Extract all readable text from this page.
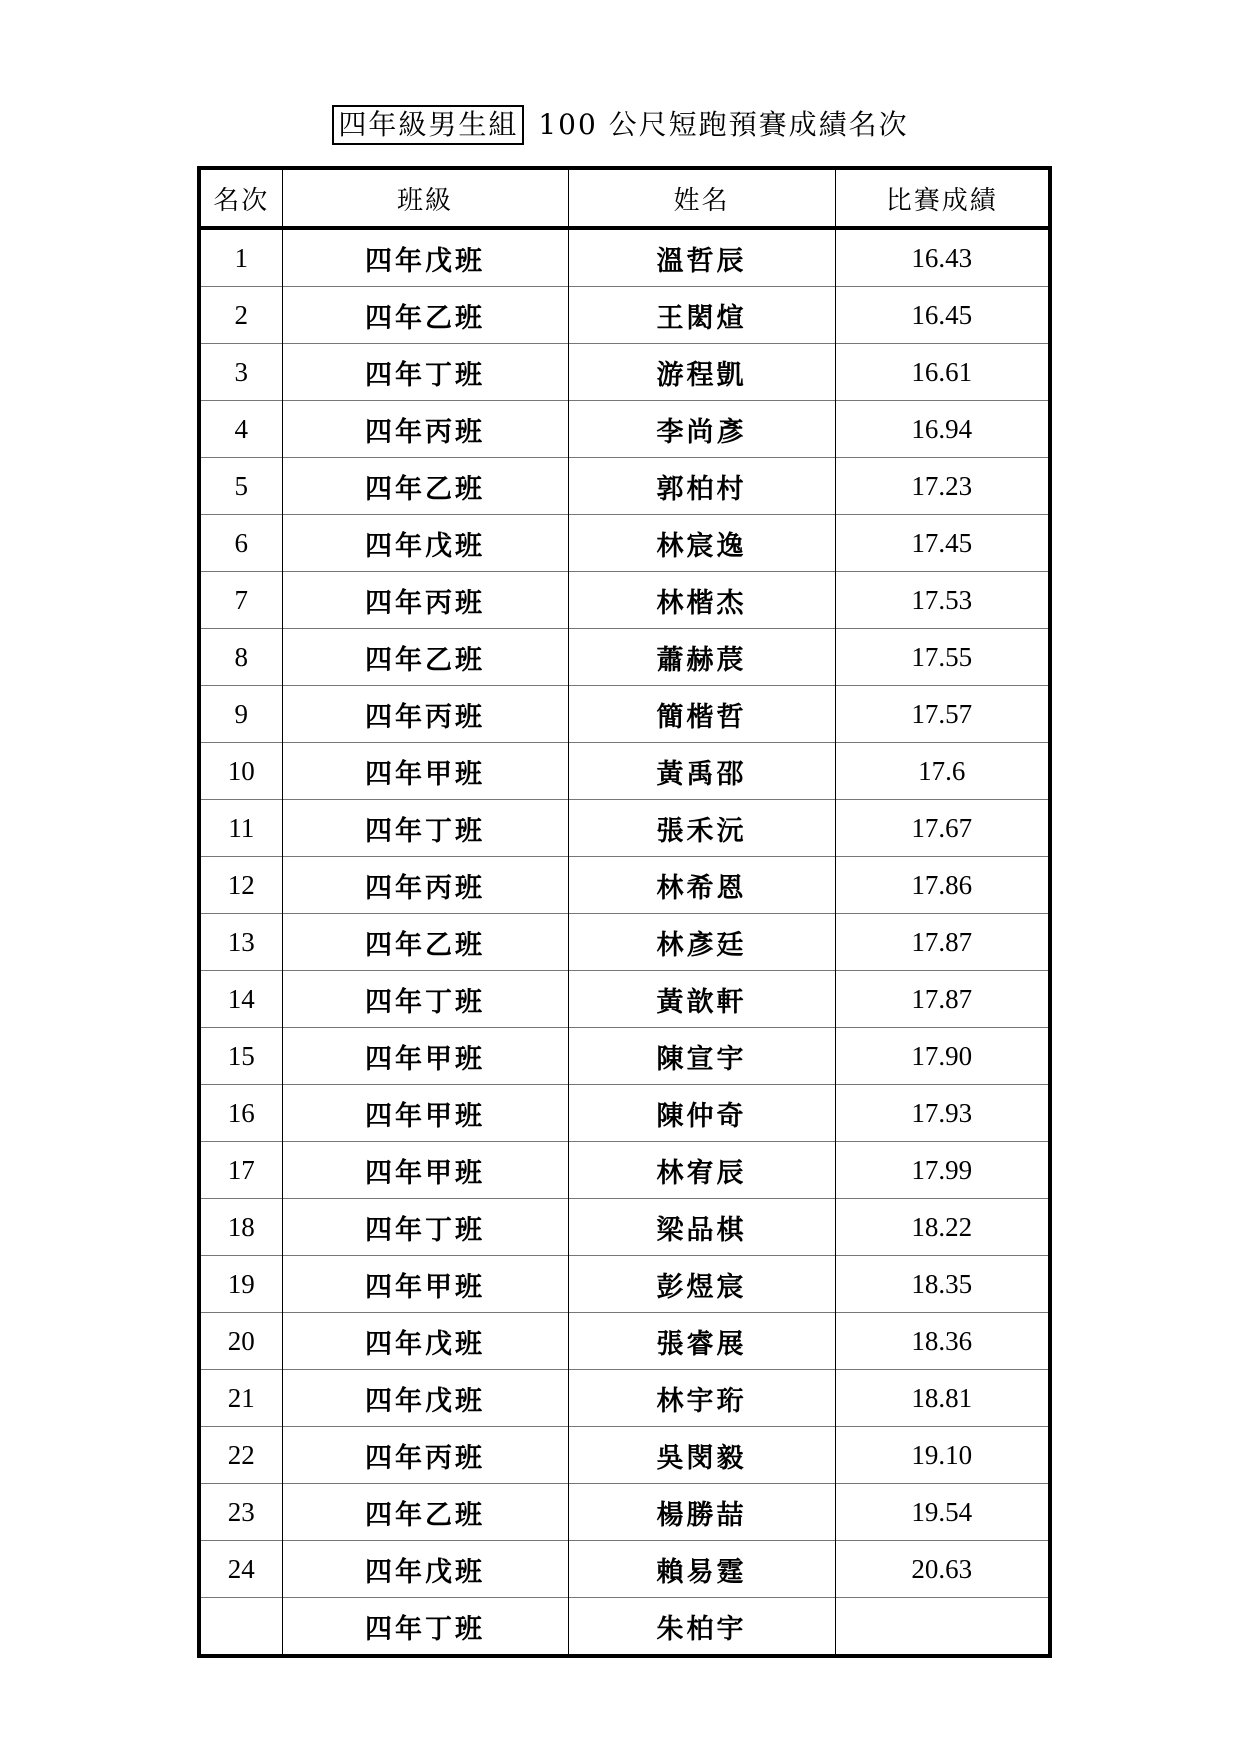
四年級男生組 100 公尺短跑預賽成績名次
名次	班級	姓名	比賽成績
1	四年戊班	溫哲辰	16.43
2	四年乙班	王閎煊	16.45
3	四年丁班	游程凱	16.61
4	四年丙班	李尚彥	16.94
5	四年乙班	郭柏村	17.23
6	四年戊班	林宸逸	17.45
7	四年丙班	林楷杰	17.53
8	四年乙班	蕭赫莀	17.55
9	四年丙班	簡楷哲	17.57
10	四年甲班	黃禹邵	17.6
11	四年丁班	張禾沅	17.67
12	四年丙班	林希恩	17.86
13	四年乙班	林彥廷	17.87
14	四年丁班	黃歆軒	17.87
15	四年甲班	陳宣宇	17.90
16	四年甲班	陳仲奇	17.93
17	四年甲班	林宥辰	17.99
18	四年丁班	梁品棋	18.22
19	四年甲班	彭煜宸	18.35
20	四年戊班	張睿展	18.36
21	四年戊班	林宇珩	18.81
22	四年丙班	吳閔毅	19.10
23	四年乙班	楊勝喆	19.54
24	四年戊班	賴易霆	20.63
	四年丁班	朱柏宇	
